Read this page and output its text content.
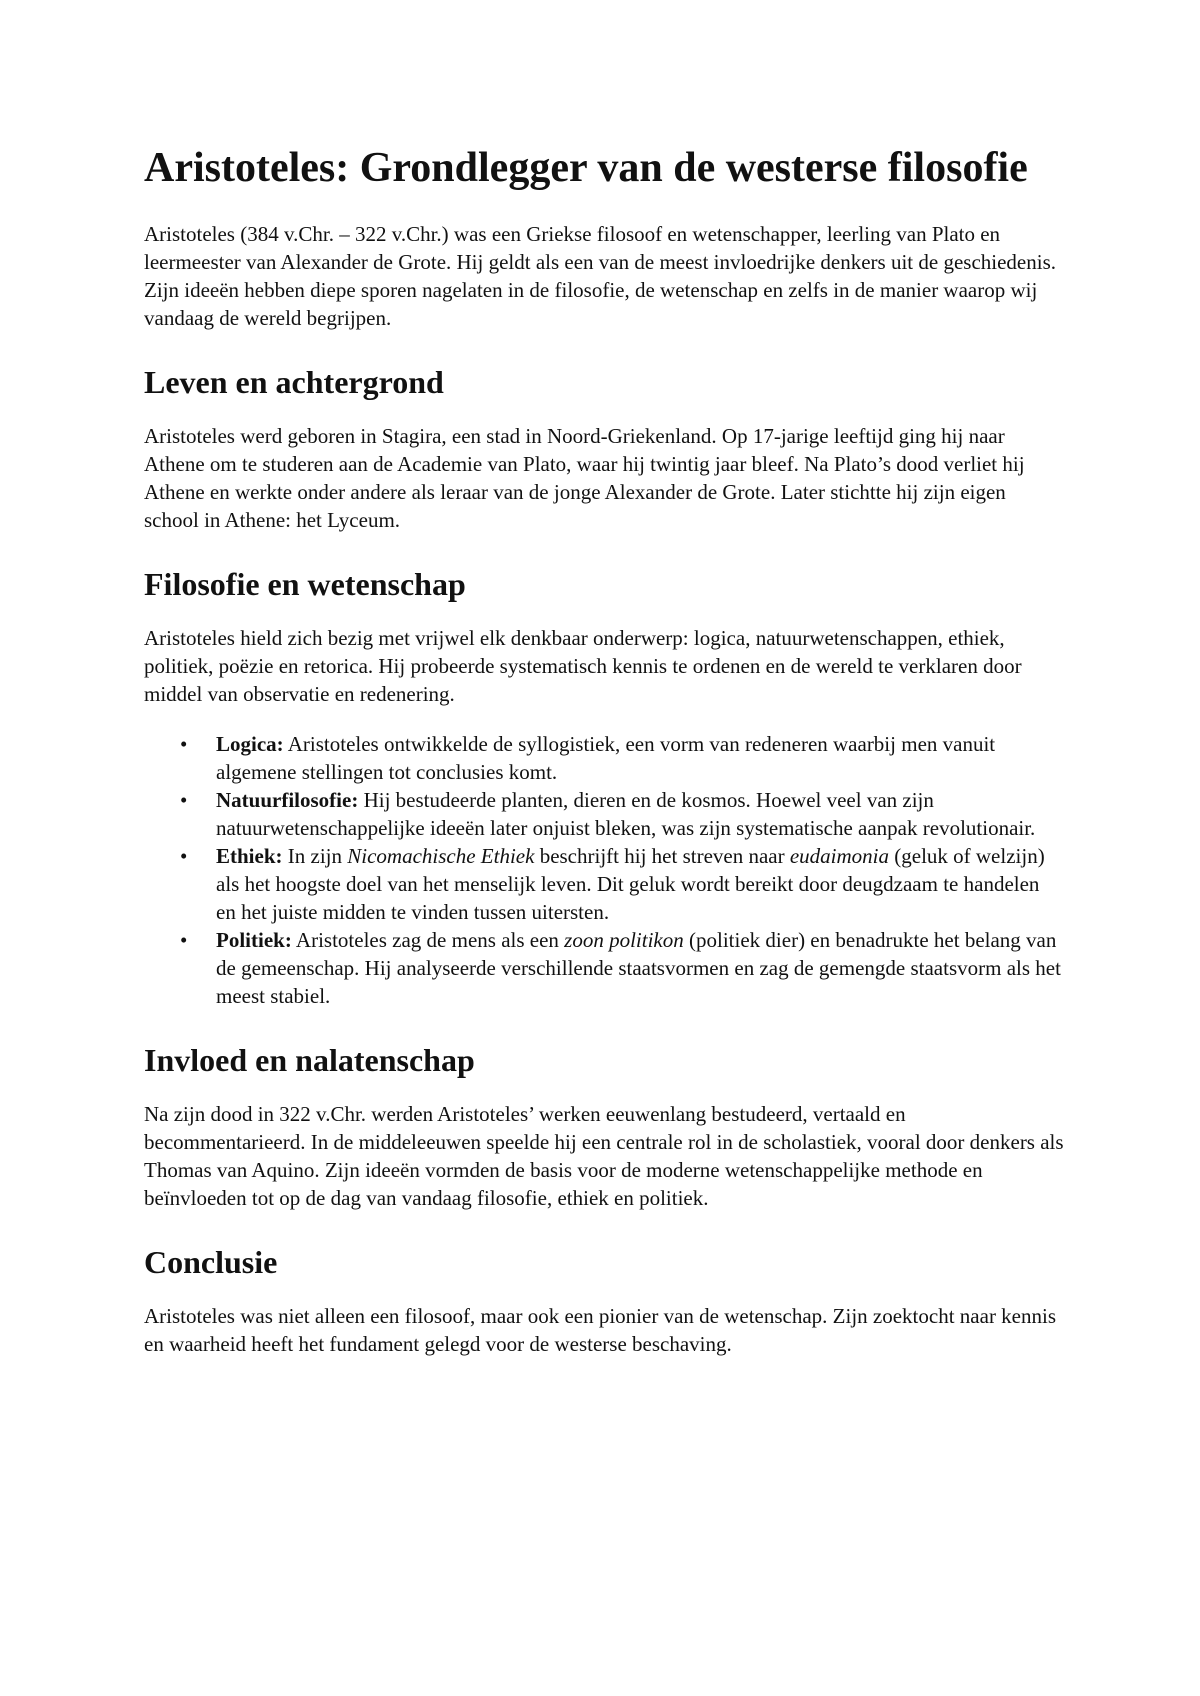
Aristoteles: Grondlegger van de westerse filosofie

Aristoteles (384 v.Chr. – 322 v.Chr.) was een Griekse filosoof en wetenschapper, leerling van Plato en leermeester van Alexander de Grote. Hij geldt als een van de meest invloedrijke denkers uit de geschiedenis. Zijn ideeën hebben diepe sporen nagelaten in de filosofie, de wetenschap en zelfs in de manier waarop wij vandaag de wereld begrijpen.

Leven en achtergrond

Aristoteles werd geboren in Stagira, een stad in Noord-Griekenland. Op 17-jarige leeftijd ging hij naar Athene om te studeren aan de Academie van Plato, waar hij twintig jaar bleef. Na Plato’s dood verliet hij Athene en werkte onder andere als leraar van de jonge Alexander de Grote. Later stichtte hij zijn eigen school in Athene: het Lyceum.

Filosofie en wetenschap

Aristoteles hield zich bezig met vrijwel elk denkbaar onderwerp: logica, natuurwetenschappen, ethiek, politiek, poëzie en retorica. Hij probeerde systematisch kennis te ordenen en de wereld te verklaren door middel van observatie en redenering.

• Logica: Aristoteles ontwikkelde de syllogistiek, een vorm van redeneren waarbij men vanuit algemene stellingen tot conclusies komt.
• Natuurfilosofie: Hij bestudeerde planten, dieren en de kosmos. Hoewel veel van zijn natuurwetenschappelijke ideeën later onjuist bleken, was zijn systematische aanpak revolutionair.
• Ethiek: In zijn Nicomachische Ethiek beschrijft hij het streven naar eudaimonia (geluk of welzijn) als het hoogste doel van het menselijk leven. Dit geluk wordt bereikt door deugdzaam te handelen en het juiste midden te vinden tussen uitersten.
• Politiek: Aristoteles zag de mens als een zoon politikon (politiek dier) en benadrukte het belang van de gemeenschap. Hij analyseerde verschillende staatsvormen en zag de gemengde staatsvorm als het meest stabiel.
Invloed en nalatenschap

Na zijn dood in 322 v.Chr. werden Aristoteles’ werken eeuwenlang bestudeerd, vertaald en becommentarieerd. In de middeleeuwen speelde hij een centrale rol in de scholastiek, vooral door denkers als Thomas van Aquino. Zijn ideeën vormden de basis voor de moderne wetenschappelijke methode en beïnvloeden tot op de dag van vandaag filosofie, ethiek en politiek.

Conclusie

Aristoteles was niet alleen een filosoof, maar ook een pionier van de wetenschap. Zijn zoektocht naar kennis en waarheid heeft het fundament gelegd voor de westerse beschaving.
